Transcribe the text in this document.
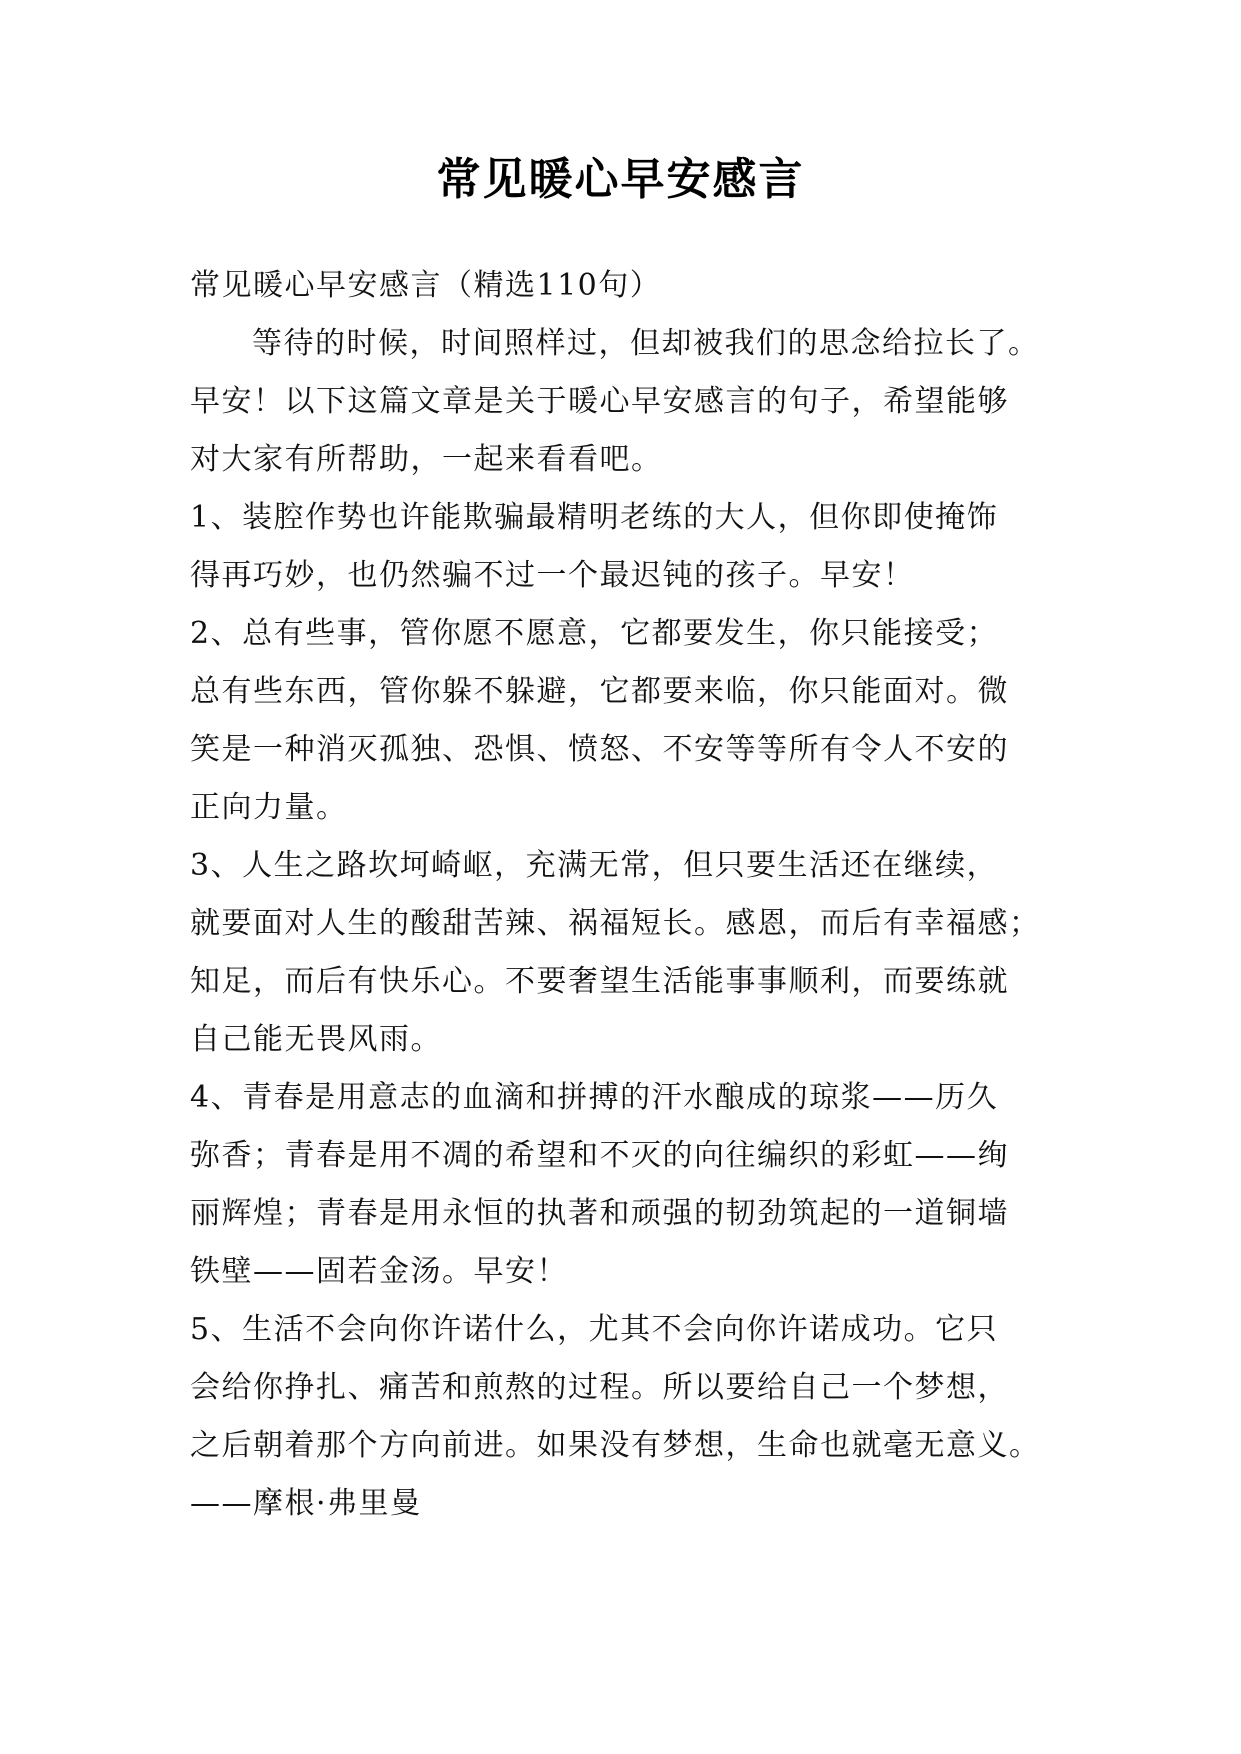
常见暖心早安感言
常见暖心早安感言（精选110句）
等待的时候，时间照样过，但却被我们的思念给拉长了。
早安！以下这篇文章是关于暖心早安感言的句子，希望能够
对大家有所帮助，一起来看看吧。
1、装腔作势也许能欺骗最精明老练的大人，但你即使掩饰
得再巧妙，也仍然骗不过一个最迟钝的孩子。早安！
2、总有些事，管你愿不愿意，它都要发生，你只能接受；
总有些东西，管你躲不躲避，它都要来临，你只能面对。微
笑是一种消灭孤独、恐惧、愤怒、不安等等所有令人不安的
正向力量。
3、人生之路坎坷崎岖，充满无常，但只要生活还在继续，
就要面对人生的酸甜苦辣、祸福短长。感恩，而后有幸福感；
知足，而后有快乐心。不要奢望生活能事事顺利，而要练就
自己能无畏风雨。
4、青春是用意志的血滴和拼搏的汗水酿成的琼浆——历久
弥香；青春是用不凋的希望和不灭的向往编织的彩虹——绚
丽辉煌；青春是用永恒的执著和顽强的韧劲筑起的一道铜墙
铁壁——固若金汤。早安！
5、生活不会向你许诺什么，尤其不会向你许诺成功。它只
会给你挣扎、痛苦和煎熬的过程。所以要给自己一个梦想，
之后朝着那个方向前进。如果没有梦想，生命也就毫无意义。
——摩根·弗里曼
